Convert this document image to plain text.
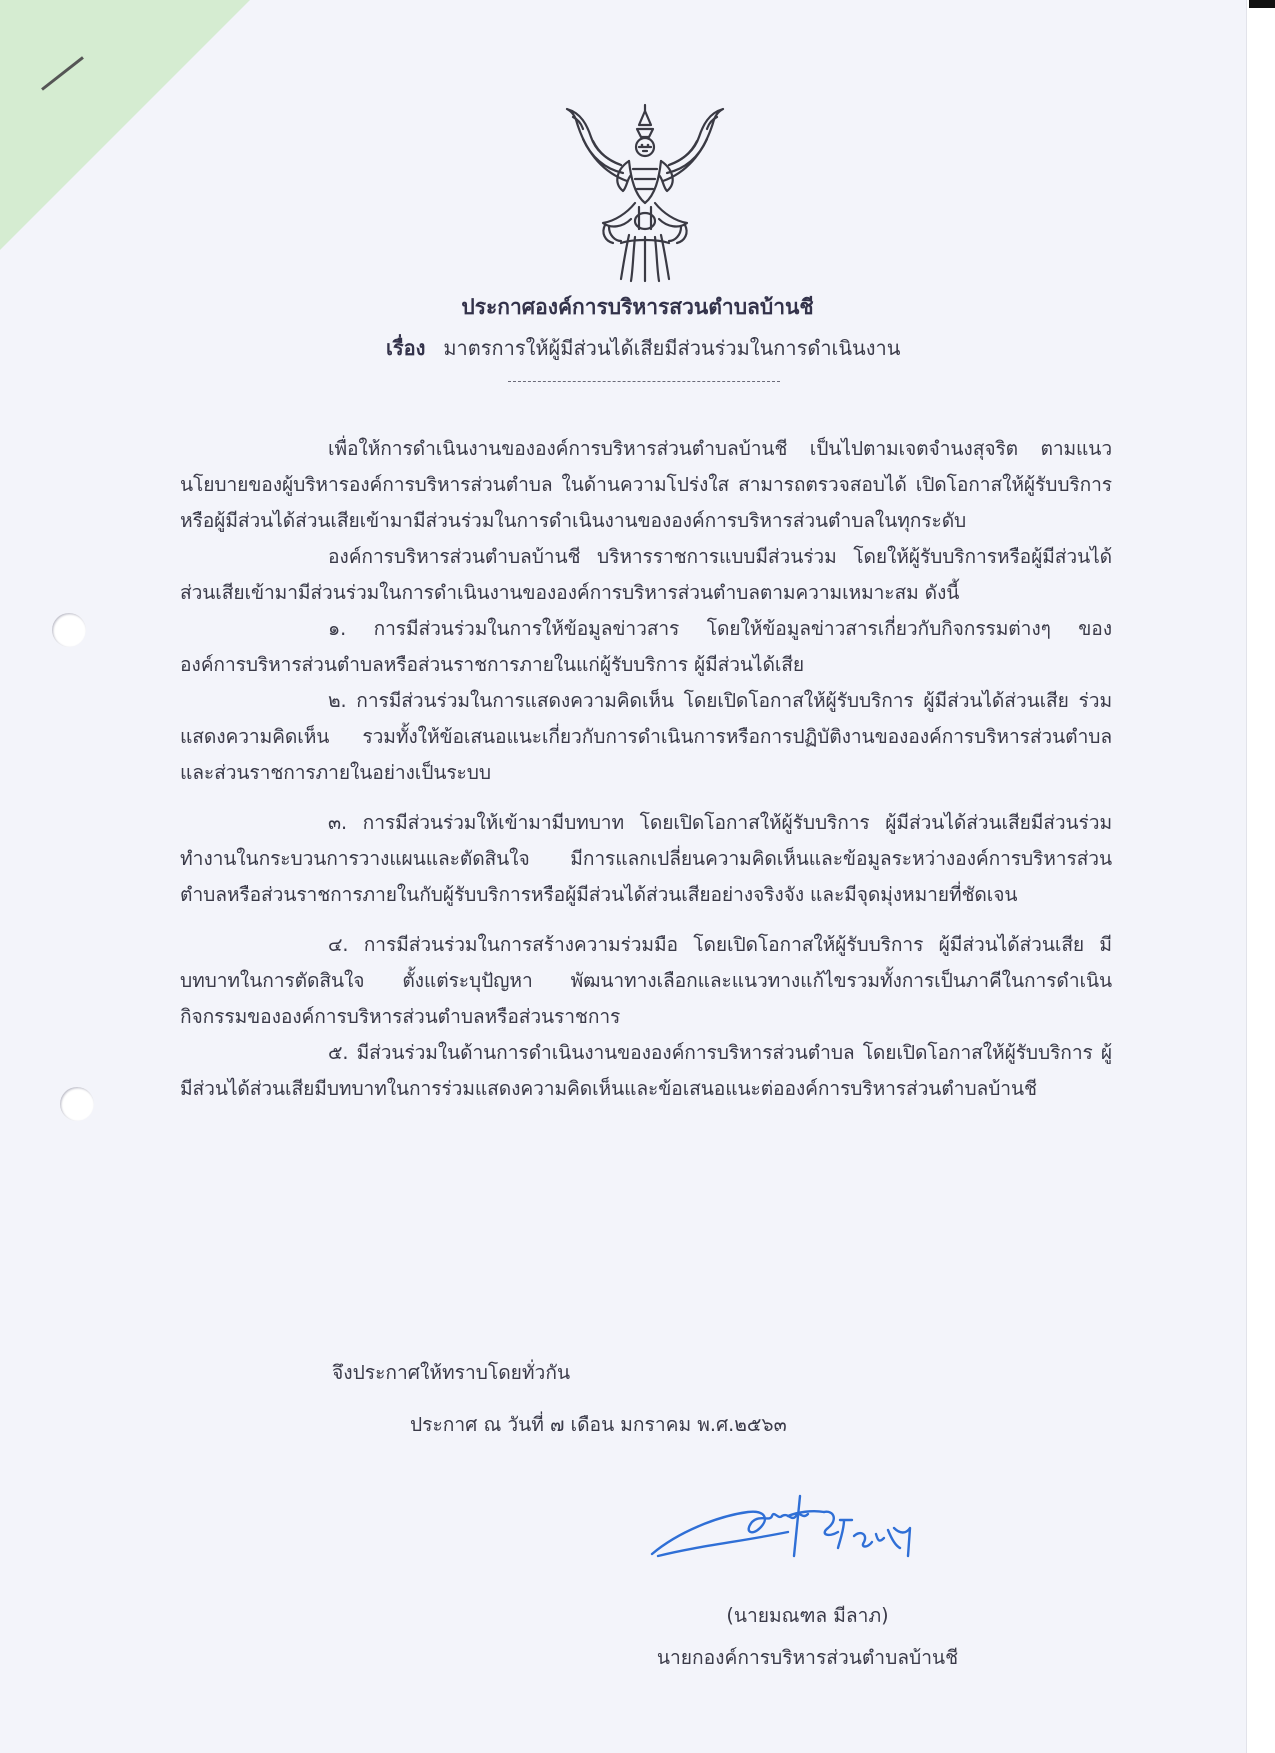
ประกาศองค์การบริหารสวนตำบลบ้านชี
เรื่อง มาตรการให้ผู้มีส่วนได้เสียมีส่วนร่วมในการดำเนินงาน

เพื่อให้การดำเนินงานขององค์การบริหารส่วนตำบลบ้านชี เป็นไปตามเจตจำนงสุจริต ตามแนวนโยบายของผู้บริหารองค์การบริหารส่วนตำบล ในด้านความโปร่งใส สามารถตรวจสอบได้ เปิดโอกาสให้ผู้รับบริการ หรือผู้มีส่วนได้ส่วนเสียเข้ามามีส่วนร่วมในการดำเนินงานขององค์การบริหารส่วนตำบลในทุกระดับ

องค์การบริหารส่วนตำบลบ้านชี บริหารราชการแบบมีส่วนร่วม โดยให้ผู้รับบริการหรือผู้มีส่วนได้ส่วนเสียเข้ามามีส่วนร่วมในการดำเนินงานขององค์การบริหารส่วนตำบลตามความเหมาะสม ดังนี้

๑. การมีส่วนร่วมในการให้ข้อมูลข่าวสาร โดยให้ข้อมูลข่าวสารเกี่ยวกับกิจกรรมต่างๆ ขององค์การบริหารส่วนตำบลหรือส่วนราชการภายในแก่ผู้รับบริการ ผู้มีส่วนได้เสีย

๒. การมีส่วนร่วมในการแสดงความคิดเห็น โดยเปิดโอกาสให้ผู้รับบริการ ผู้มีส่วนได้ส่วนเสีย ร่วมแสดงความคิดเห็น รวมทั้งให้ข้อเสนอแนะเกี่ยวกับการดำเนินการหรือการปฏิบัติงานขององค์การบริหารส่วนตำบลและส่วนราชการภายในอย่างเป็นระบบ

๓. การมีส่วนร่วมให้เข้ามามีบทบาท โดยเปิดโอกาสให้ผู้รับบริการ ผู้มีส่วนได้ส่วนเสียมีส่วนร่วมทำงานในกระบวนการวางแผนและตัดสินใจ มีการแลกเปลี่ยนความคิดเห็นและข้อมูลระหว่างองค์การบริหารส่วนตำบลหรือส่วนราชการภายในกับผู้รับบริการหรือผู้มีส่วนได้ส่วนเสียอย่างจริงจัง และมีจุดมุ่งหมายที่ชัดเจน

๔. การมีส่วนร่วมในการสร้างความร่วมมือ โดยเปิดโอกาสให้ผู้รับบริการ ผู้มีส่วนได้ส่วนเสีย มีบทบาทในการตัดสินใจ ตั้งแต่ระบุปัญหา พัฒนาทางเลือกและแนวทางแก้ไขรวมทั้งการเป็นภาคีในการดำเนินกิจกรรมขององค์การบริหารส่วนตำบลหรือส่วนราชการ

๕. มีส่วนร่วมในด้านการดำเนินงานขององค์การบริหารส่วนตำบล โดยเปิดโอกาสให้ผู้รับบริการ ผู้มีส่วนได้ส่วนเสียมีบทบาทในการร่วมแสดงความคิดเห็นและข้อเสนอแนะต่อองค์การบริหารส่วนตำบลบ้านชี

จึงประกาศให้ทราบโดยทั่วกัน
ประกาศ ณ วันที่ ๗ เดือน มกราคม พ.ศ.๒๕๖๓
(นายมณฑล มีลาภ)
นายกองค์การบริหารส่วนตำบลบ้านชี
